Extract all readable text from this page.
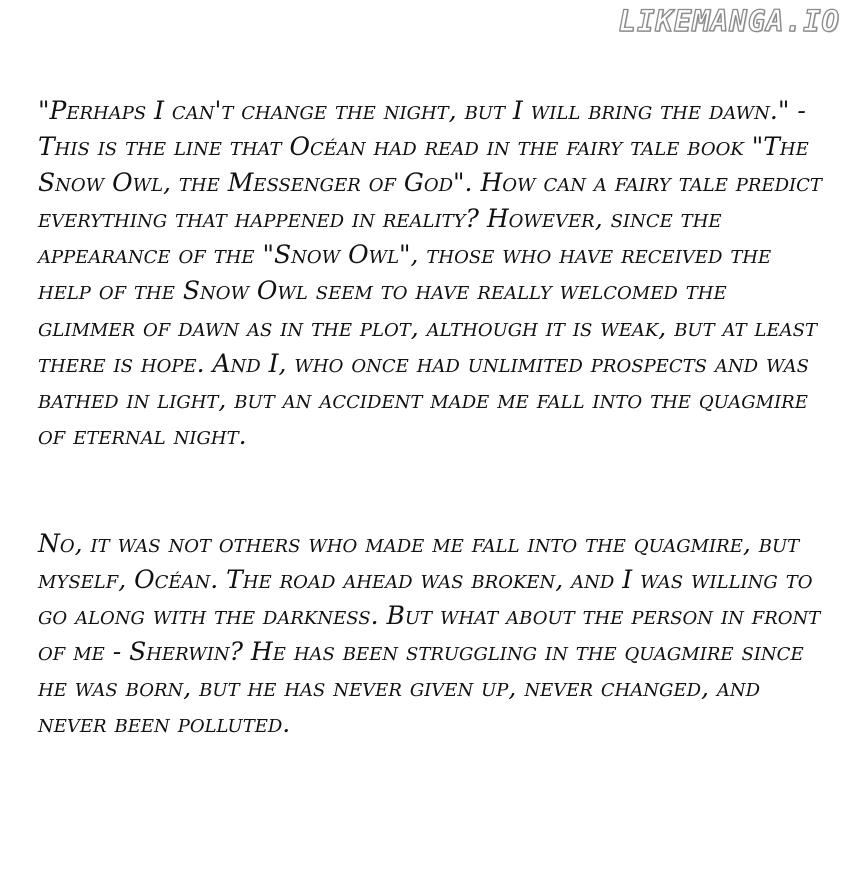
LIKEMANGA.IO

"Perhaps I can't change the night, but I will bring the dawn." - This is the line that Océan had read in the fairy tale book "The Snow Owl, the Messenger of God". How can a fairy tale predict everything that happened in reality? However, since the appearance of the "Snow Owl", those who have received the help of the Snow Owl seem to have really welcomed the glimmer of dawn as in the plot, although it is weak, but at least there is hope. And I, who once had unlimited prospects and was bathed in light, but an accident made me fall into the quagmire of eternal night.

No, it was not others who made me fall into the quagmire, but myself, Océan. The road ahead was broken, and I was willing to go along with the darkness. But what about the person in front of me - Sherwin? He has been struggling in the quagmire since he was born, but he has never given up, never changed, and never been polluted.
